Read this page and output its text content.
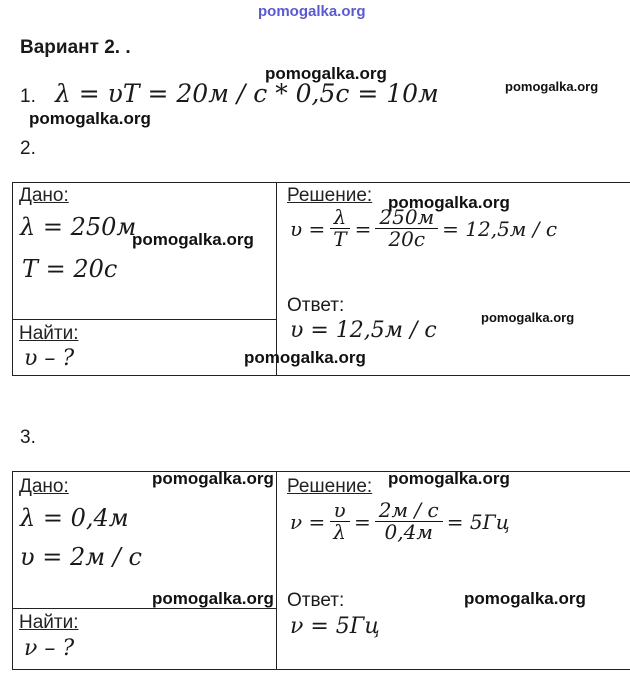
pomogalka.org
Вариант 2. .
pomogalka.org
1. λ = υT = 20м / с * 0,5с = 10м	pomogalka.org
pomogalka.org
2.
Дано:
λ = 250м
T = 20с
pomogalka.org
Найти:
υ – ?	pomogalka.org
Решение: pomogalka.org
$\upsilon = \frac{\lambda}{T} = \frac{250м}{20с} = 12,5м / с$
Ответ:
pomogalka.org
υ = 12,5м / с
3.
pomogalka.org	pomogalka.org
Дано:
λ = 0,4м
υ = 2м / с
pomogalka.org
Найти:
ν – ?
Решение:
$\nu = \frac{\upsilon}{\lambda} = \frac{2м / с}{0,4м} = 5Гц$
Ответ:	pomogalka.org
ν = 5Гц
